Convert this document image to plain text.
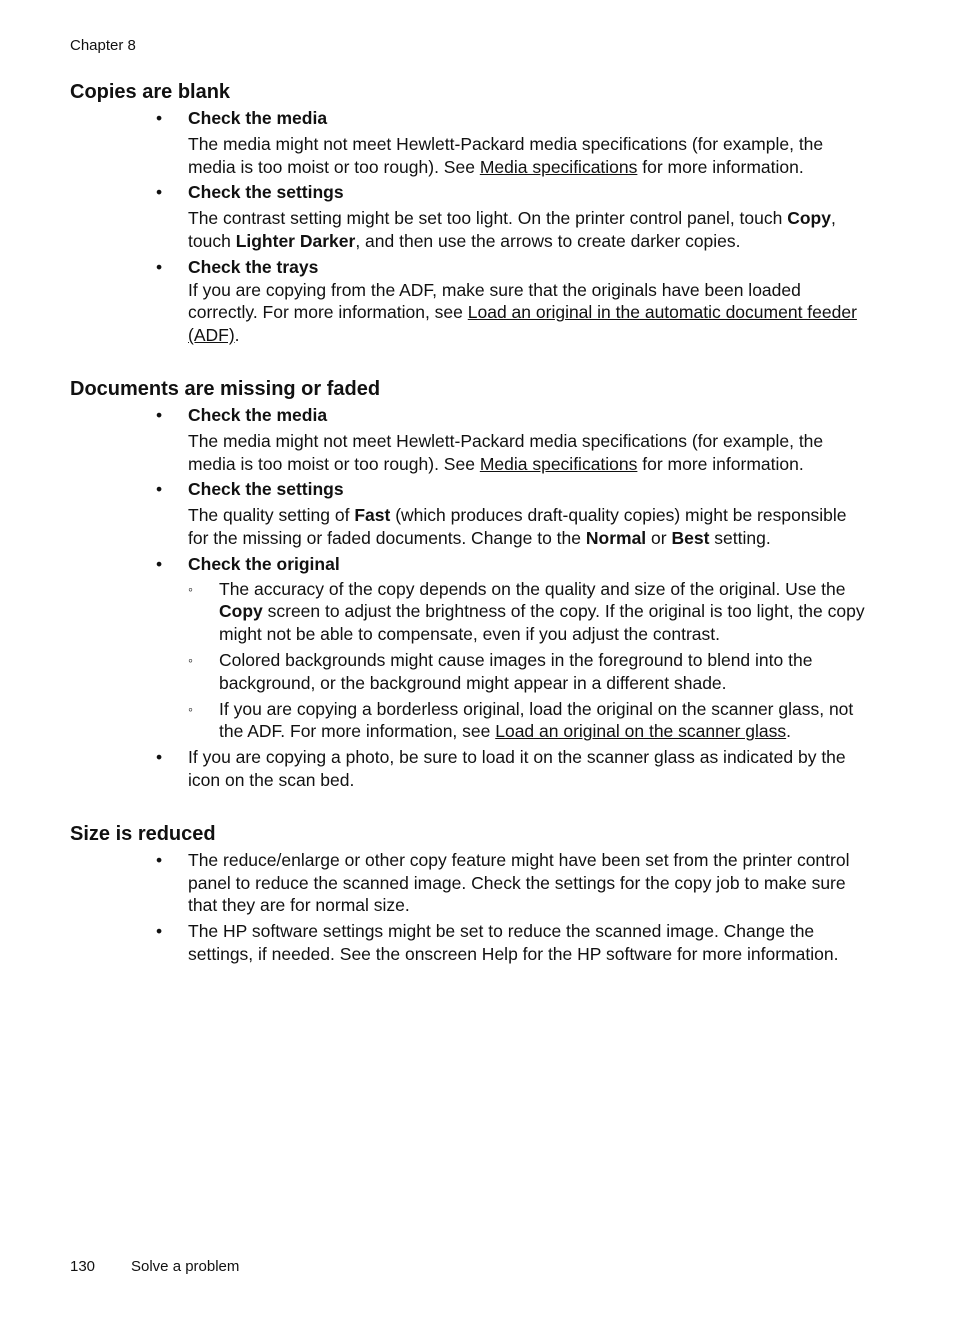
Chapter 8
Copies are blank
• Check the media
The media might not meet Hewlett-Packard media specifications (for example, the media is too moist or too rough). See Media specifications for more information.
• Check the settings
The contrast setting might be set too light. On the printer control panel, touch Copy, touch Lighter Darker, and then use the arrows to create darker copies.
• Check the trays
If you are copying from the ADF, make sure that the originals have been loaded correctly. For more information, see Load an original in the automatic document feeder (ADF).
Documents are missing or faded
• Check the media
The media might not meet Hewlett-Packard media specifications (for example, the media is too moist or too rough). See Media specifications for more information.
• Check the settings
The quality setting of Fast (which produces draft-quality copies) might be responsible for the missing or faded documents. Change to the Normal or Best setting.
• Check the original
◦ The accuracy of the copy depends on the quality and size of the original. Use the Copy screen to adjust the brightness of the copy. If the original is too light, the copy might not be able to compensate, even if you adjust the contrast.
◦ Colored backgrounds might cause images in the foreground to blend into the background, or the background might appear in a different shade.
◦ If you are copying a borderless original, load the original on the scanner glass, not the ADF. For more information, see Load an original on the scanner glass.
• If you are copying a photo, be sure to load it on the scanner glass as indicated by the icon on the scan bed.
Size is reduced
• The reduce/enlarge or other copy feature might have been set from the printer control panel to reduce the scanned image. Check the settings for the copy job to make sure that they are for normal size.
• The HP software settings might be set to reduce the scanned image. Change the settings, if needed. See the onscreen Help for the HP software for more information.
130 Solve a problem
